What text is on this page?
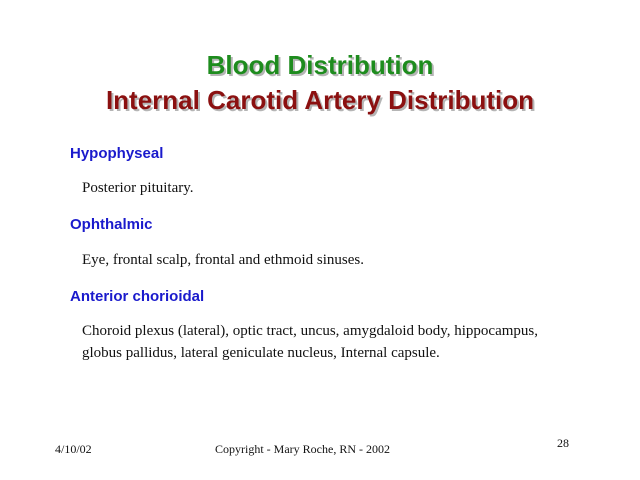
Blood Distribution
Internal Carotid Artery Distribution
Hypophyseal
Posterior pituitary.
Ophthalmic
Eye, frontal scalp, frontal and ethmoid sinuses.
Anterior chorioidal
Choroid plexus (lateral), optic tract, uncus, amygdaloid body, hippocampus, globus pallidus, lateral geniculate nucleus, Internal capsule.
4/10/02	Copyright - Mary Roche, RN - 2002	28
